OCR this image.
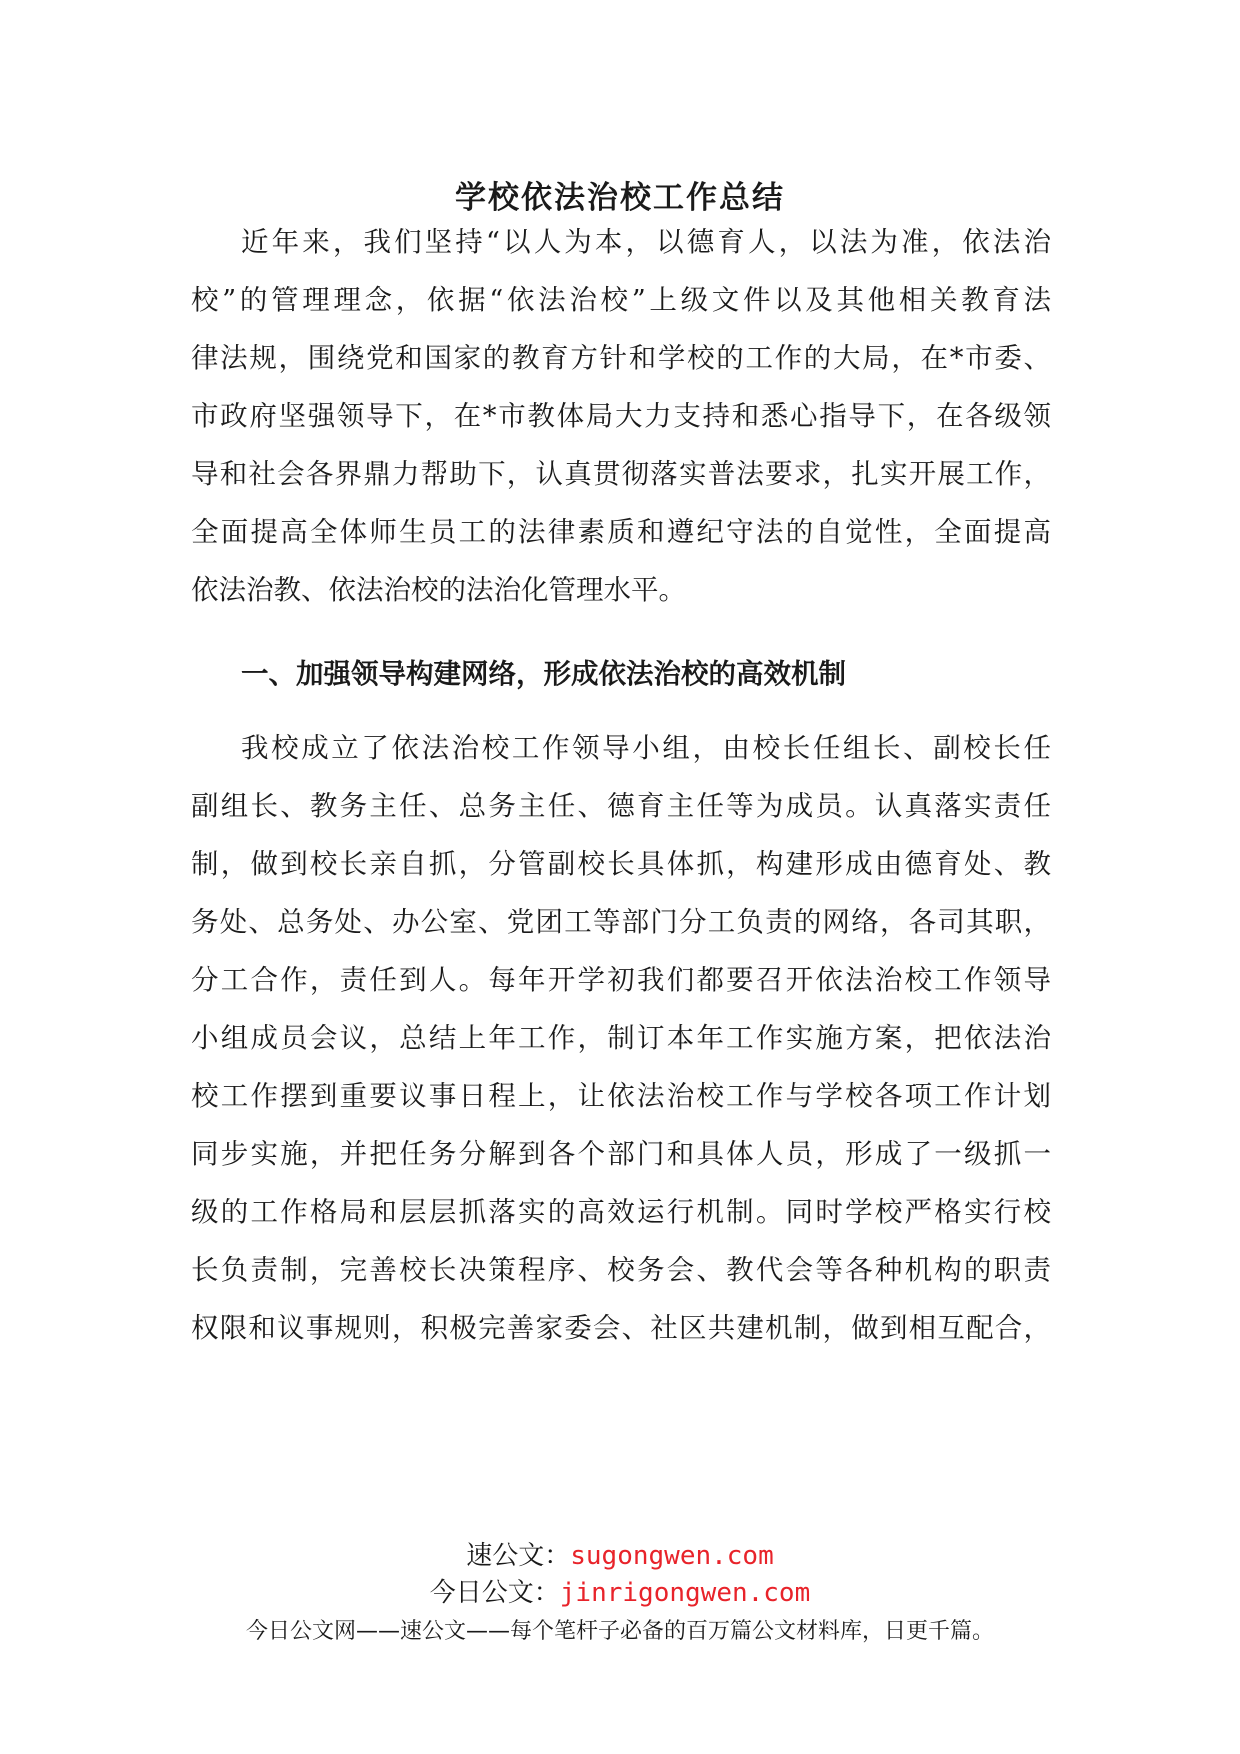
学校依法治校工作总结
近年来，我们坚持“以人为本，以德育人，以法为准，依法治
校”的管理理念，依据“依法治校”上级文件以及其他相关教育法
律法规，围绕党和国家的教育方针和学校的工作的大局，在*市委、
市政府坚强领导下，在*市教体局大力支持和悉心指导下，在各级领
导和社会各界鼎力帮助下，认真贯彻落实普法要求，扎实开展工作，
全面提高全体师生员工的法律素质和遵纪守法的自觉性，全面提高
依法治教、依法治校的法治化管理水平。
一、加强领导构建网络，形成依法治校的高效机制
我校成立了依法治校工作领导小组，由校长任组长、副校长任
副组长、教务主任、总务主任、德育主任等为成员。认真落实责任
制，做到校长亲自抓，分管副校长具体抓，构建形成由德育处、教
务处、总务处、办公室、党团工等部门分工负责的网络，各司其职，
分工合作，责任到人。每年开学初我们都要召开依法治校工作领导
小组成员会议，总结上年工作，制订本年工作实施方案，把依法治
校工作摆到重要议事日程上，让依法治校工作与学校各项工作计划
同步实施，并把任务分解到各个部门和具体人员，形成了一级抓一
级的工作格局和层层抓落实的高效运行机制。同时学校严格实行校
长负责制，完善校长决策程序、校务会、教代会等各种机构的职责
权限和议事规则，积极完善家委会、社区共建机制，做到相互配合，
速公文：sugongwen.com
今日公文：jinrigongwen.com
今日公文网——速公文——每个笔杆子必备的百万篇公文材料库，日更千篇。
